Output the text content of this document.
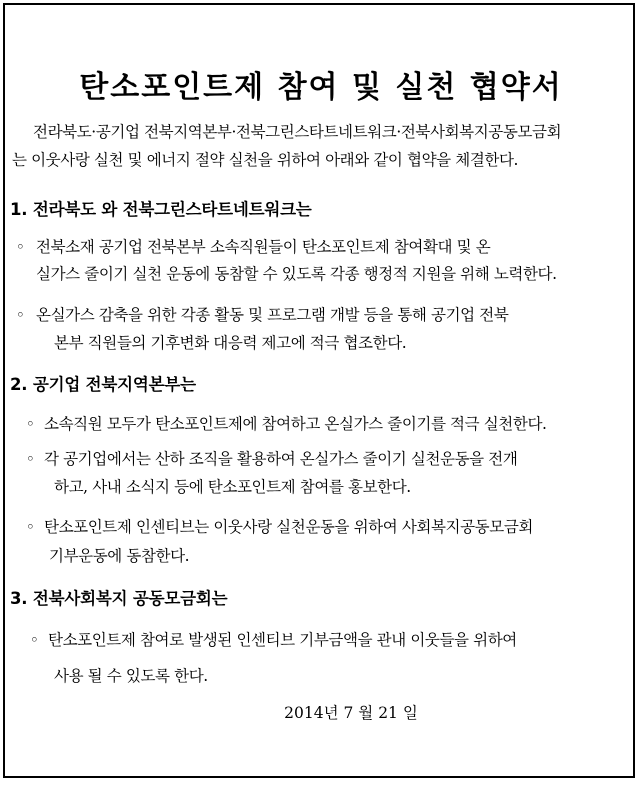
탄소포인트제 참여 및 실천 협약서
전라북도·공기업 전북지역본부·전북그린스타트네트워크·전북사회복지공동모금회
는 이웃사랑 실천 및 에너지 절약 실천을 위하여 아래와 같이 협약을 체결한다.
1. 전라북도 와 전북그린스타트네트워크는
◦ 전북소재 공기업 전북본부 소속직원들이 탄소포인트제 참여확대 및 온
실가스 줄이기 실천 운동에 동참할 수 있도록 각종 행정적 지원을 위해 노력한다.
◦ 온실가스 감축을 위한 각종 활동 및 프로그램 개발 등을 통해 공기업 전북
본부 직원들의 기후변화 대응력 제고에 적극 협조한다.
2. 공기업 전북지역본부는
◦ 소속직원 모두가 탄소포인트제에 참여하고 온실가스 줄이기를 적극 실천한다.
◦ 각 공기업에서는 산하 조직을 활용하여 온실가스 줄이기 실천운동을 전개
하고, 사내 소식지 등에 탄소포인트제 참여를 홍보한다.
◦ 탄소포인트제 인센티브는 이웃사랑 실천운동을 위하여 사회복지공동모금회
기부운동에 동참한다.
3. 전북사회복지 공동모금회는
◦ 탄소포인트제 참여로 발생된 인센티브 기부금액을 관내 이웃들을 위하여
사용 될 수 있도록 한다.
2014년 7 월 21 일
